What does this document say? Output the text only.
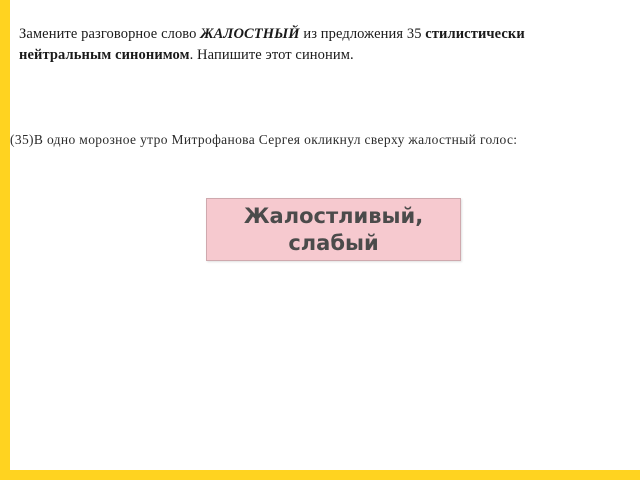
Замените разговорное слово ЖАЛОСТНЫЙ из предложения 35 стилистически нейтральным синонимом. Напишите этот синоним.
(35)В одно морозное утро Митрофанова Сергея окликнул сверху жалостный голос:
Жалостливый,
слабый
